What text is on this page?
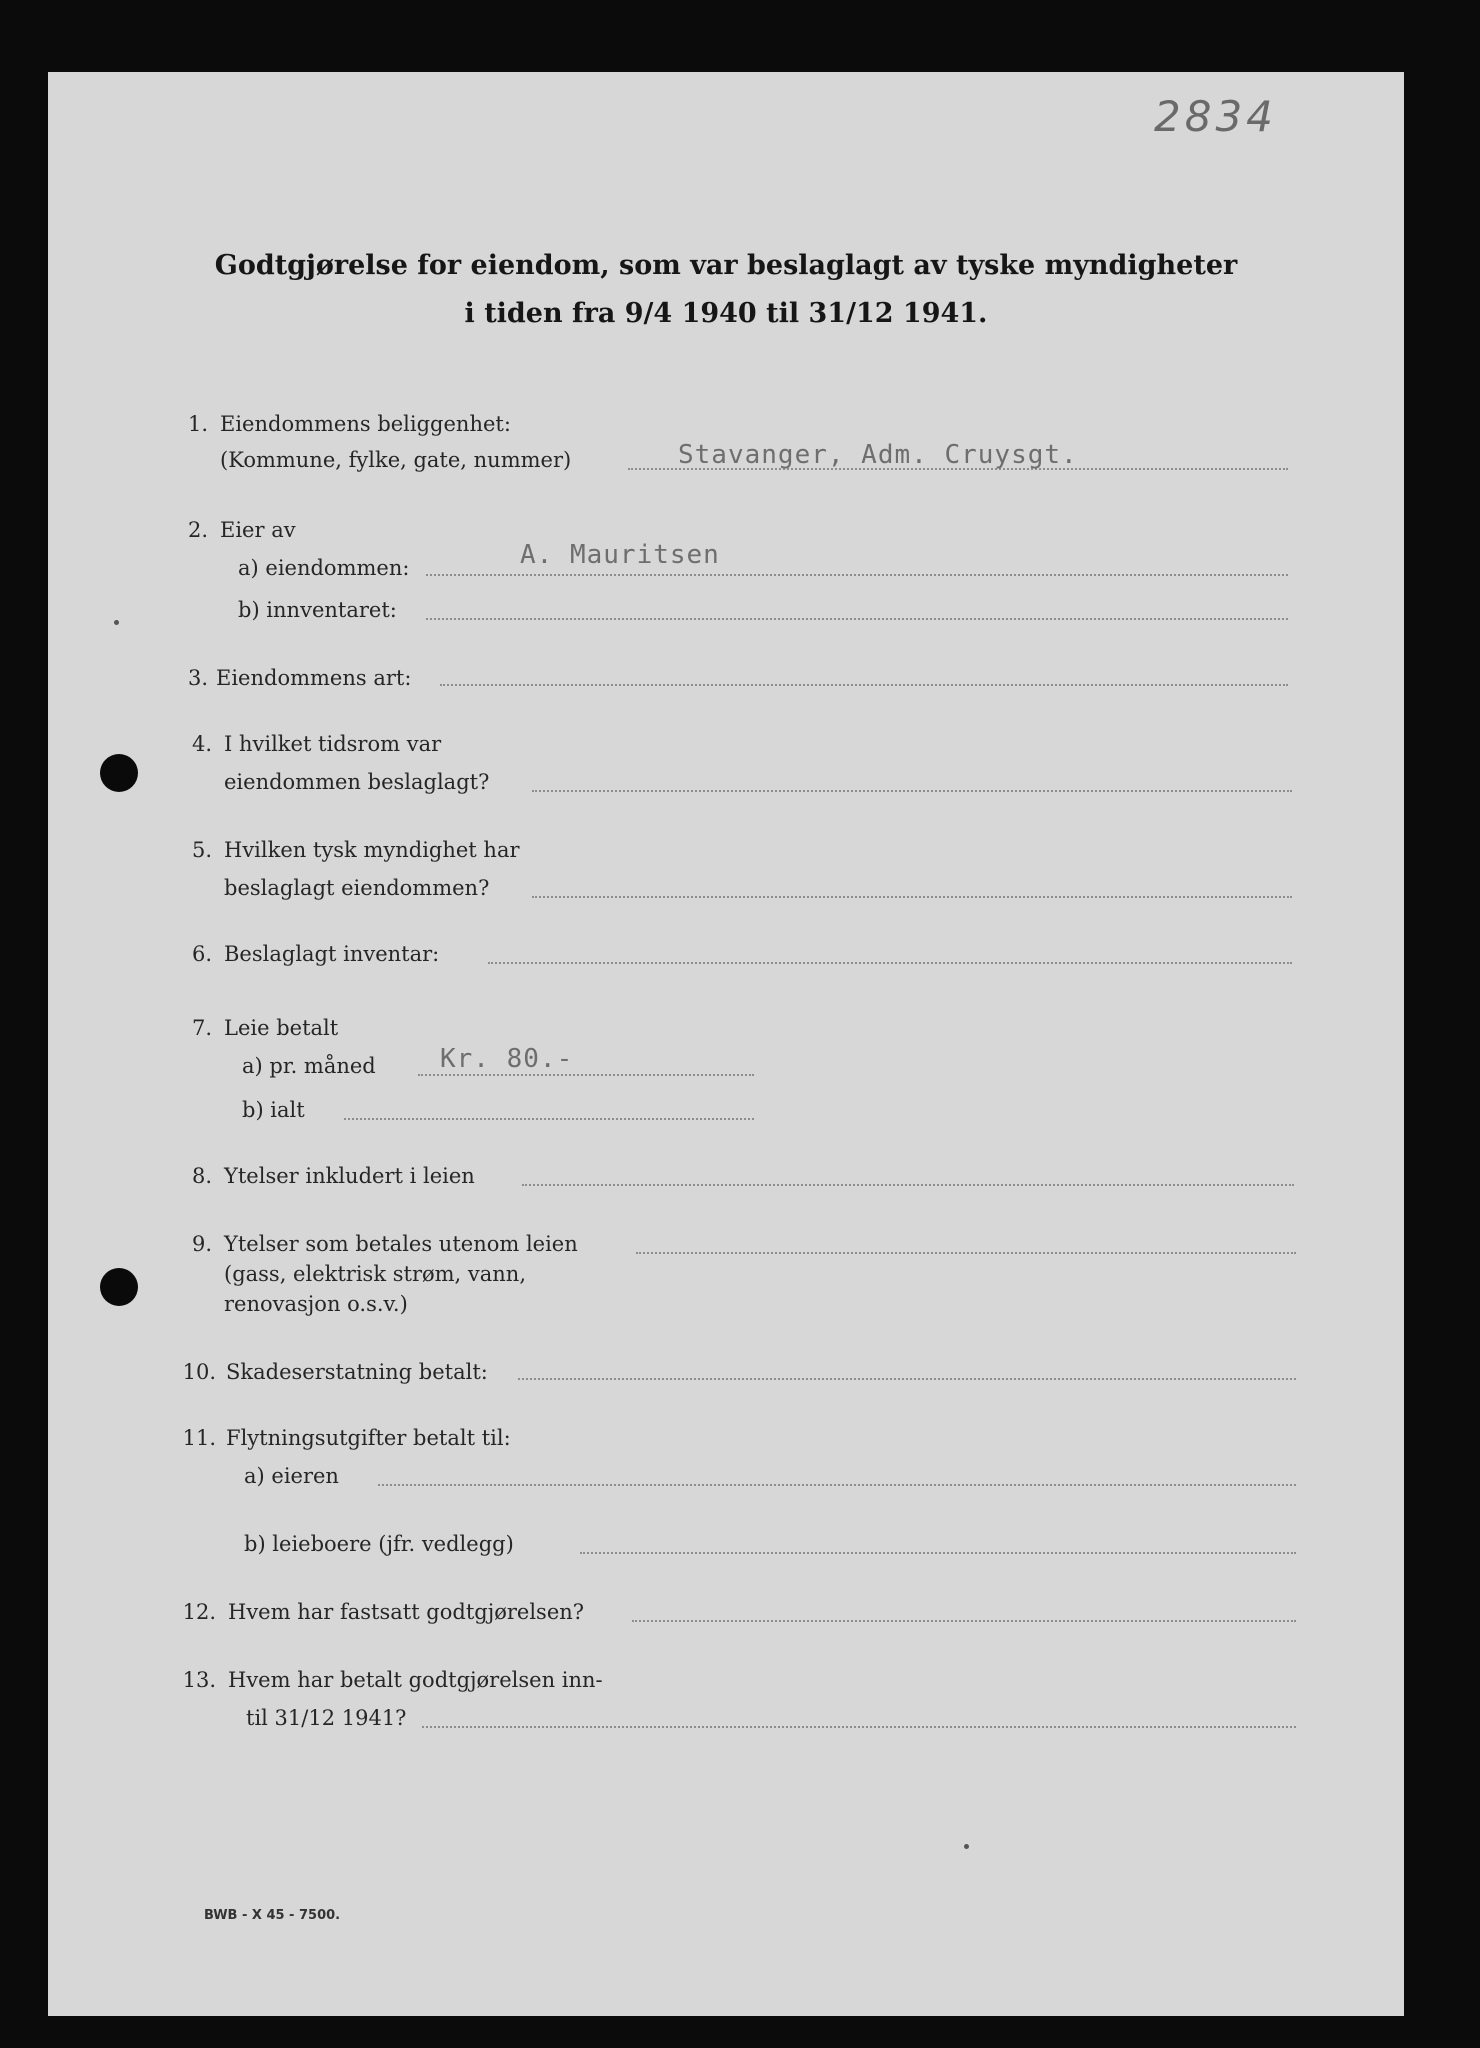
2834
Godtgjørelse for eiendom, som var beslaglagt av tyske myndigheter
i tiden fra 9/4 1940 til 31/12 1941.
1. Eiendommens beliggenhet:
(Kommune, fylke, gate, nummer)	Stavanger, Adm. Cruysgt.
2. Eier av
a) eiendommen:	A. Mauritsen
b) innventaret:
3. Eiendommens art:
4. I hvilket tidsrom var
eiendommen beslaglagt?
5. Hvilken tysk myndighet har
beslaglagt eiendommen?
6. Beslaglagt inventar:
7. Leie betalt
a) pr. måned Kr. 80.-
b) ialt
8. Ytelser inkludert i leien
9. Ytelser som betales utenom leien
(gass, elektrisk strøm, vann,
renovasjon o.s.v.)
10. Skadeserstatning betalt:
11. Flytningsutgifter betalt til:
a) eieren
b) leieboere (jfr. vedlegg)
12. Hvem har fastsatt godtgjørelsen?
13. Hvem har betalt godtgjørelsen inn-
til 31/12 1941?
BWB - X 45 - 7500.
